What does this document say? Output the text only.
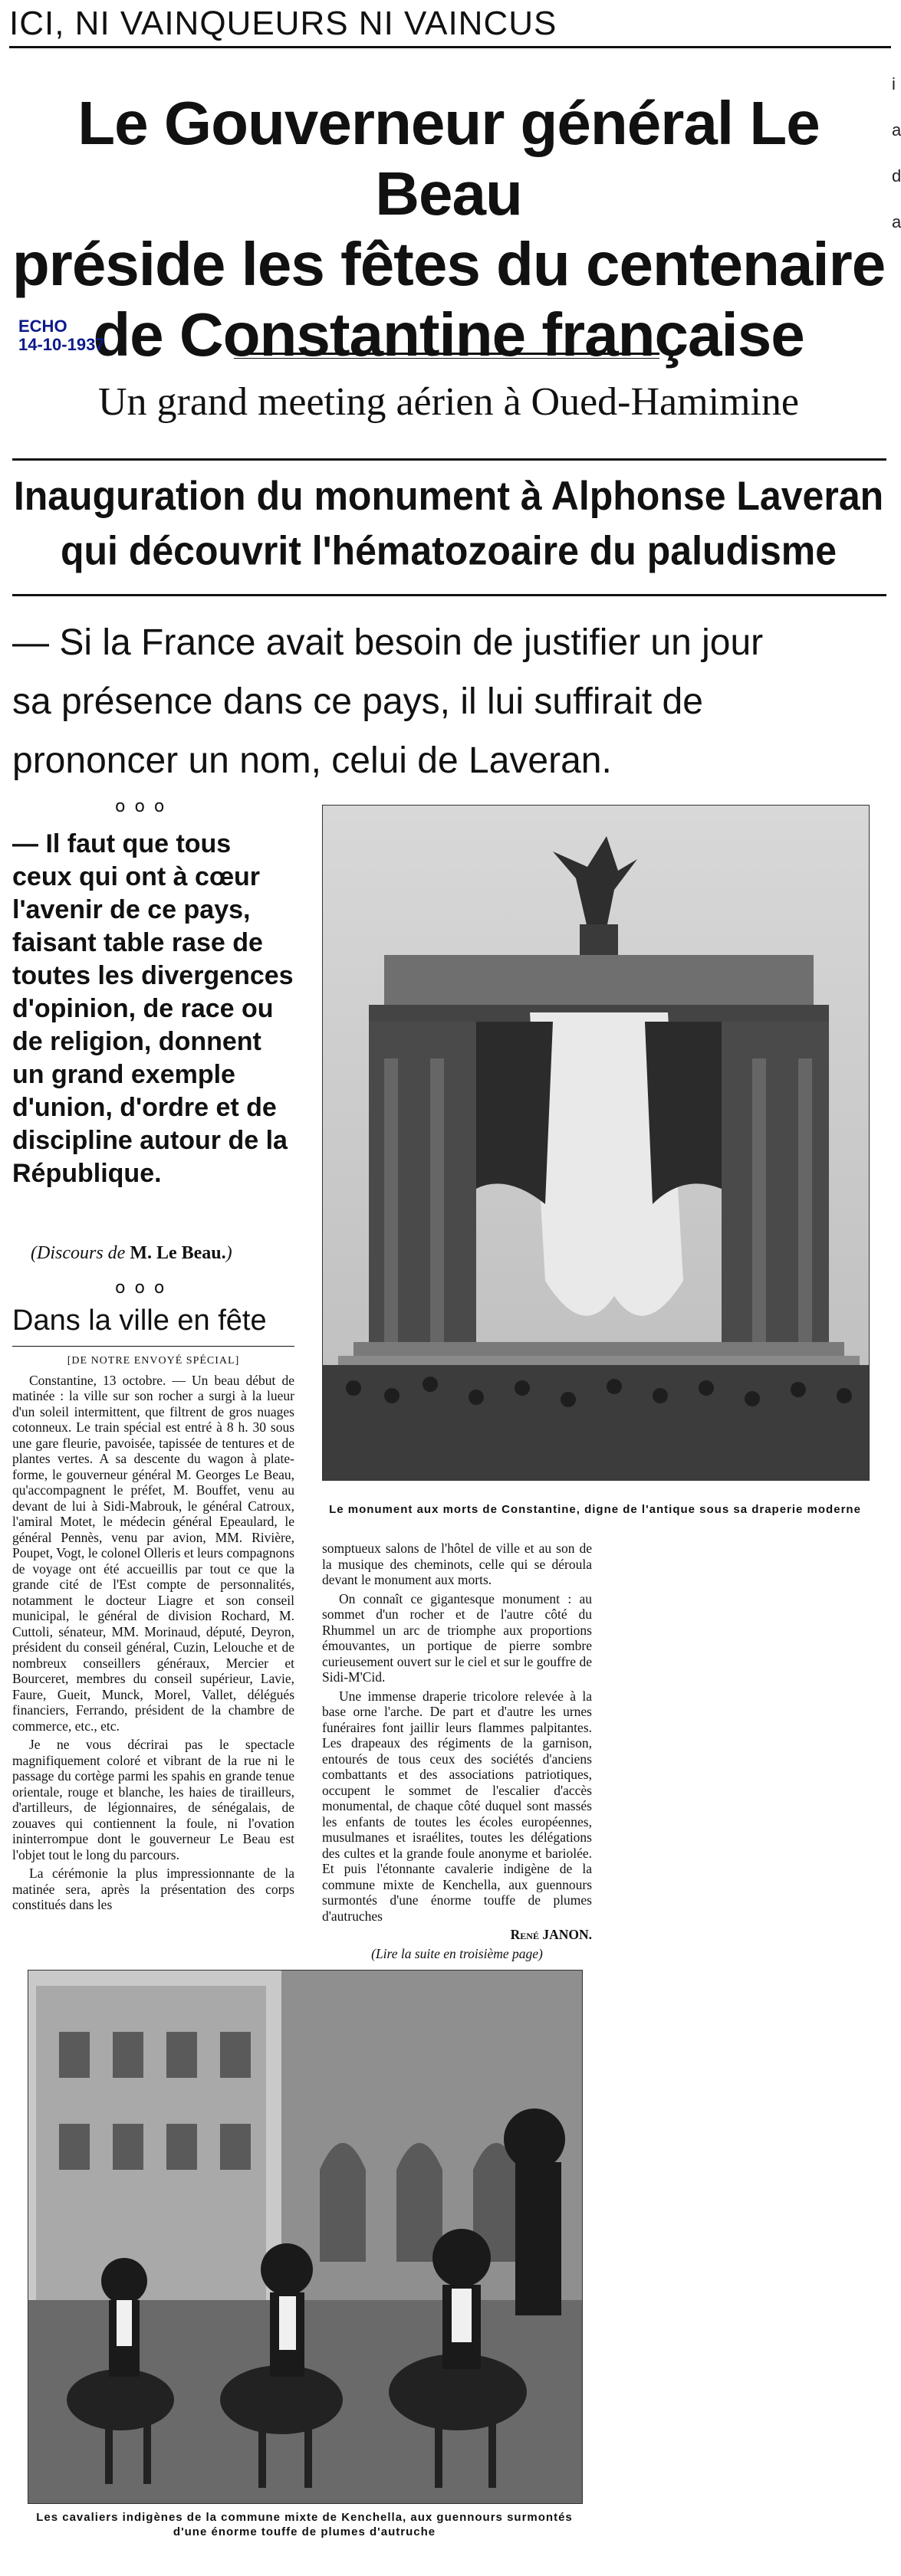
ICI, NI VAINQUEURS NI VAINCUS
Le Gouverneur général Le Beau
préside les fêtes du centenaire
de Constantine française
ECHO
14-10-1937
Un grand meeting aérien à Oued-Hamimine
Inauguration du monument à Alphonse Laveran
qui découvrit l'hématozoaire du paludisme
— Si la France avait besoin de justifier un jour
sa présence dans ce pays, il lui suffirait de
prononcer un nom, celui de Laveran.
ooo
— Il faut que tous ceux qui ont à cœur l'avenir de ce pays, faisant table rase de toutes les divergences d'opinion, de race ou de religion, donnent un grand exemple d'union, d'ordre et de discipline autour de la République.
(Discours de M. Le Beau.)
ooo
Dans la ville en fête
Le monument aux morts de Constantine, digne de l'antique sous sa draperie moderne

[DE NOTRE ENVOYÉ SPÉCIAL]

Constantine, 13 octobre. — Un beau début de matinée : la ville sur son rocher a surgi à la lueur d'un soleil intermittent, que filtrent de gros nuages cotonneux. Le train spécial est entré à 8 h. 30 sous une gare fleurie, pavoisée, tapissée de tentures et de plantes vertes. A sa descente du wagon à plate-forme, le gouverneur général M. Georges Le Beau, qu'accompagnent le préfet, M. Bouffet, venu au devant de lui à Sidi-Mabrouk, le général Catroux, l'amiral Motet, le médecin général Epeaulard, le général Pennès, venu par avion, MM. Rivière, Poupet, Vogt, le colonel Olleris et leurs compagnons de voyage ont été accueillis par tout ce que la grande cité de l'Est compte de personnalités, notamment le docteur Liagre et son conseil municipal, le général de division Rochard, M. Cuttoli, sénateur, MM. Morinaud, député, Deyron, président du conseil général, Cuzin, Lelouche et de nombreux conseillers généraux, Mercier et Bourceret, membres du conseil supérieur, Lavie, Faure, Gueit, Munck, Morel, Vallet, délégués financiers, Ferrando, président de la chambre de commerce, etc., etc.

Je ne vous décrirai pas le spectacle magnifiquement coloré et vibrant de la rue ni le passage du cortège parmi les spahis en grande tenue orientale, rouge et blanche, les haies de tirailleurs, d'artilleurs, de légionnaires, de sénégalais, de zouaves qui contiennent la foule, ni l'ovation ininterrompue dont le gouverneur Le Beau est l'objet tout le long du parcours.

La cérémonie la plus impressionnante de la matinée sera, après la présentation des corps constitués dans les

somptueux salons de l'hôtel de ville et au son de la musique des cheminots, celle qui se déroula devant le monument aux morts.

On connaît ce gigantesque monument : au sommet d'un rocher et de l'autre côté du Rhummel un arc de triomphe aux proportions émouvantes, un portique de pierre sombre curieusement ouvert sur le ciel et sur le gouffre de Sidi-M'Cid.

Une immense draperie tricolore relevée à la base orne l'arche. De part et d'autre les urnes funéraires font jaillir leurs flammes palpitantes. Les drapeaux des régiments de la garnison, entourés de tous ceux des sociétés d'anciens combattants et des associations patriotiques, occupent le sommet de l'escalier d'accès monumental, de chaque côté duquel sont massés les enfants de toutes les écoles européennes, musulmanes et israélites, toutes les délégations des cultes et la grande foule anonyme et bariolée. Et puis l'étonnante cavalerie indigène de la commune mixte de Kenchella, aux guennours surmontés d'une énorme touffe de plumes d'autruches

René JANON.

(Lire la suite en troisième page)

Les cavaliers indigènes de la commune mixte de Kenchella, aux guennours surmontés d'une énorme touffe de plumes d'autruche
i a d a
